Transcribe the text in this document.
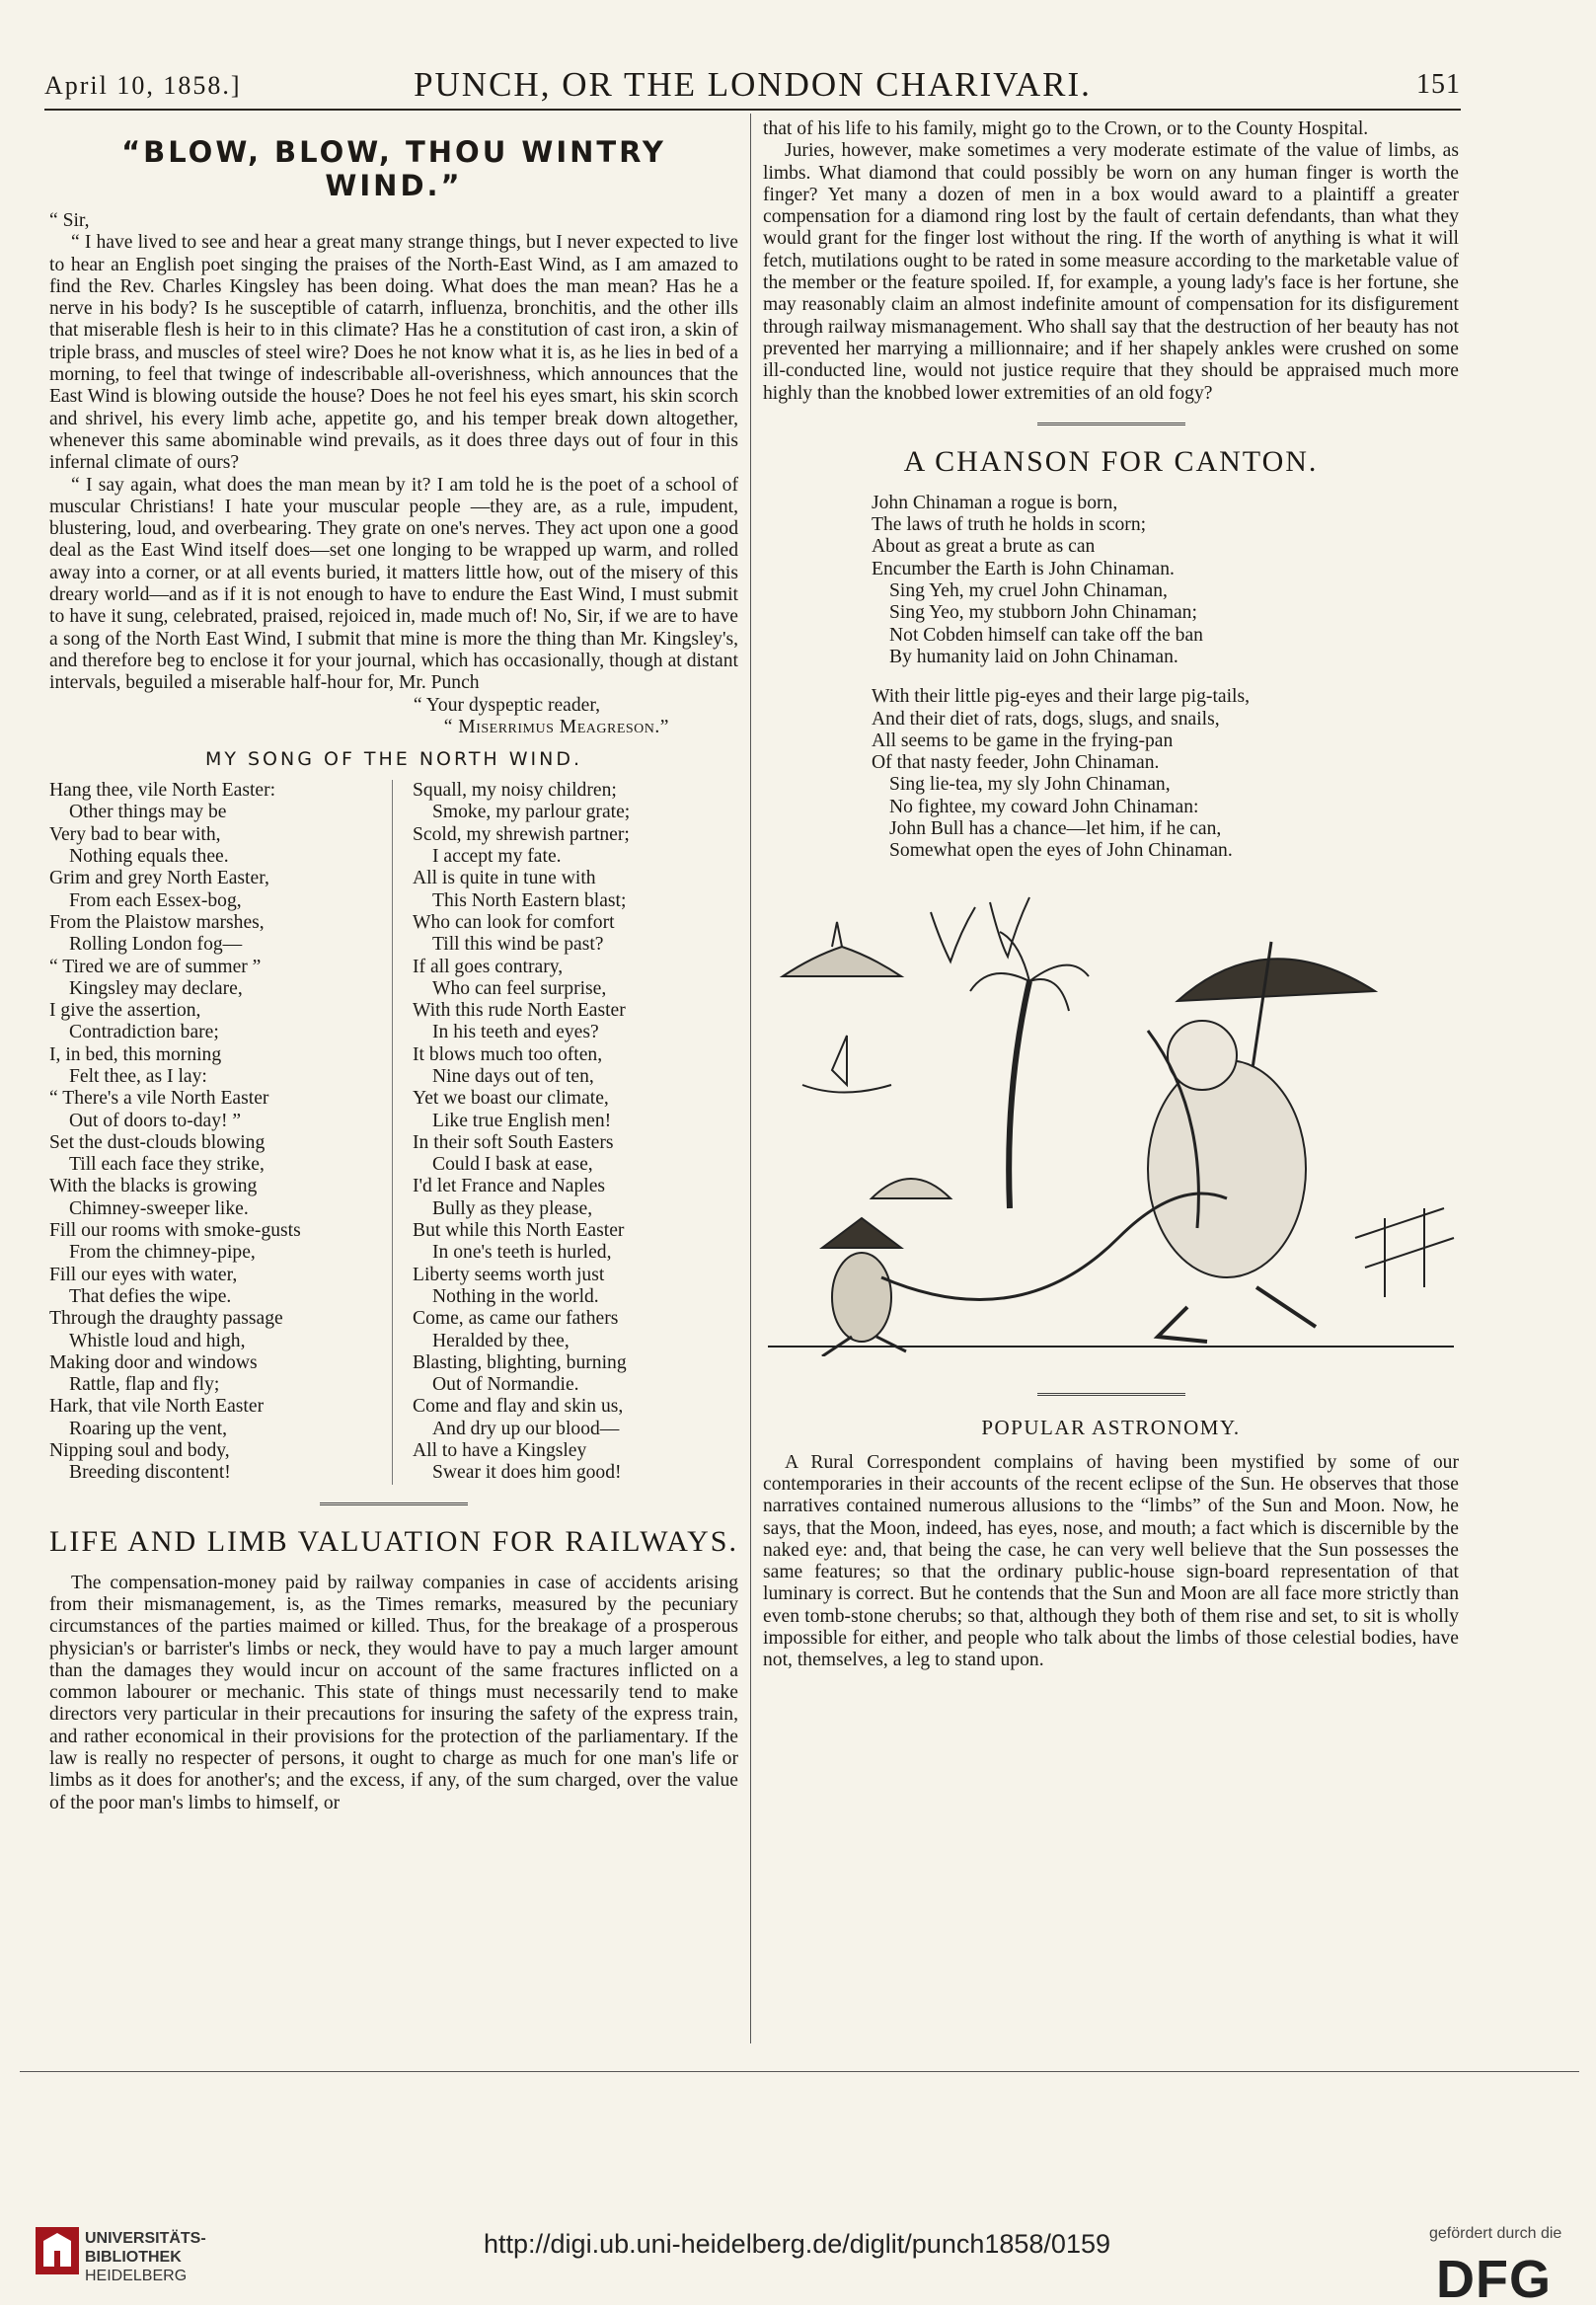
April 10, 1858.]	PUNCH, OR THE LONDON CHARIVARI.	151
“BLOW, BLOW, THOU WINTRY WIND.”

“ Sir,

“ I have lived to see and hear a great many strange things, but I never expected to live to hear an English poet singing the praises of the North-East Wind, as I am amazed to find the Rev. Charles Kingsley has been doing. What does the man mean? Has he a nerve in his body? Is he susceptible of catarrh, influenza, bronchitis, and the other ills that miserable flesh is heir to in this climate? Has he a constitution of cast iron, a skin of triple brass, and muscles of steel wire? Does he not know what it is, as he lies in bed of a morning, to feel that twinge of indescribable all-overishness, which announces that the East Wind is blowing outside the house? Does he not feel his eyes smart, his skin scorch and shrivel, his every limb ache, appetite go, and his temper break down altogether, whenever this same abominable wind prevails, as it does three days out of four in this infernal climate of ours?

“ I say again, what does the man mean by it? I am told he is the poet of a school of muscular Christians! I hate your muscular people —they are, as a rule, impudent, blustering, loud, and overbearing. They grate on one's nerves. They act upon one a good deal as the East Wind itself does—set one longing to be wrapped up warm, and rolled away into a corner, or at all events buried, it matters little how, out of the misery of this dreary world—and as if it is not enough to have to endure the East Wind, I must submit to have it sung, celebrated, praised, rejoiced in, made much of! No, Sir, if we are to have a song of the North East Wind, I submit that mine is more the thing than Mr. Kingsley's, and therefore beg to enclose it for your journal, which has occasionally, though at distant intervals, beguiled a miserable half-hour for, Mr. Punch

“ Your dyspeptic reader,
“ Miserrimus Meagreson.”
MY SONG OF THE NORTH WIND.
Hang thee, vile North Easter:
Other things may be
Very bad to bear with,
Nothing equals thee.
Grim and grey North Easter,
From each Essex-bog,
From the Plaistow marshes,
Rolling London fog—
“ Tired we are of summer ”
Kingsley may declare,
I give the assertion,
Contradiction bare;
I, in bed, this morning
Felt thee, as I lay:
“ There's a vile North Easter
Out of doors to-day! ”
Set the dust-clouds blowing
Till each face they strike,
With the blacks is growing
Chimney-sweeper like.
Fill our rooms with smoke-gusts
From the chimney-pipe,
Fill our eyes with water,
That defies the wipe.
Through the draughty passage
Whistle loud and high,
Making door and windows
Rattle, flap and fly;
Hark, that vile North Easter
Roaring up the vent,
Nipping soul and body,
Breeding discontent!
Squall, my noisy children;
Smoke, my parlour grate;
Scold, my shrewish partner;
I accept my fate.
All is quite in tune with
This North Eastern blast;
Who can look for comfort
Till this wind be past?
If all goes contrary,
Who can feel surprise,
With this rude North Easter
In his teeth and eyes?
It blows much too often,
Nine days out of ten,
Yet we boast our climate,
Like true English men!
In their soft South Easters
Could I bask at ease,
I'd let France and Naples
Bully as they please,
But while this North Easter
In one's teeth is hurled,
Liberty seems worth just
Nothing in the world.
Come, as came our fathers
Heralded by thee,
Blasting, blighting, burning
Out of Normandie.
Come and flay and skin us,
And dry up our blood—
All to have a Kingsley
Swear it does him good!
LIFE AND LIMB VALUATION FOR RAILWAYS.

The compensation-money paid by railway companies in case of accidents arising from their mismanagement, is, as the Times remarks, measured by the pecuniary circumstances of the parties maimed or killed. Thus, for the breakage of a prosperous physician's or barrister's limbs or neck, they would have to pay a much larger amount than the damages they would incur on account of the same fractures inflicted on a common labourer or mechanic. This state of things must necessarily tend to make directors very particular in their precautions for insuring the safety of the express train, and rather economical in their provisions for the protection of the parliamentary. If the law is really no respecter of persons, it ought to charge as much for one man's life or limbs as it does for another's; and the excess, if any, of the sum charged, over the value of the poor man's limbs to himself, or

that of his life to his family, might go to the Crown, or to the County Hospital.

Juries, however, make sometimes a very moderate estimate of the value of limbs, as limbs. What diamond that could possibly be worn on any human finger is worth the finger? Yet many a dozen of men in a box would award to a plaintiff a greater compensation for a diamond ring lost by the fault of certain defendants, than what they would grant for the finger lost without the ring. If the worth of anything is what it will fetch, mutilations ought to be rated in some measure according to the marketable value of the member or the feature spoiled. If, for example, a young lady's face is her fortune, she may reasonably claim an almost indefinite amount of compensation for its disfigurement through railway mismanagement. Who shall say that the destruction of her beauty has not prevented her marrying a millionnaire; and if her shapely ankles were crushed on some ill-conducted line, would not justice require that they should be appraised much more highly than the knobbed lower extremities of an old fogy?

A CHANSON FOR CANTON.
John Chinaman a rogue is born,
The laws of truth he holds in scorn;
About as great a brute as can
Encumber the Earth is John Chinaman.
Sing Yeh, my cruel John Chinaman,
Sing Yeo, my stubborn John Chinaman;
Not Cobden himself can take off the ban
By humanity laid on John Chinaman.
With their little pig-eyes and their large pig-tails,
And their diet of rats, dogs, slugs, and snails,
All seems to be game in the frying-pan
Of that nasty feeder, John Chinaman.
Sing lie-tea, my sly John Chinaman,
No fightee, my coward John Chinaman:
John Bull has a chance—let him, if he can,
Somewhat open the eyes of John Chinaman.
POPULAR ASTRONOMY.

A Rural Correspondent complains of having been mystified by some of our contemporaries in their accounts of the recent eclipse of the Sun. He observes that those narratives contained numerous allusions to the “limbs” of the Sun and Moon. Now, he says, that the Moon, indeed, has eyes, nose, and mouth; a fact which is discernible by the naked eye: and, that being the case, he can very well believe that the Sun possesses the same features; so that the ordinary public-house sign-board representation of that luminary is correct. But he contends that the Sun and Moon are all face more strictly than even tomb-stone cherubs; so that, although they both of them rise and set, to sit is wholly impossible for either, and people who talk about the limbs of those celestial bodies, have not, themselves, a leg to stand upon.

UNIVERSITÄTS-
BIBLIOTHEK
HEIDELBERG
http://digi.ub.uni-heidelberg.de/diglit/punch1858/0159	gefördert durch die
DFG
